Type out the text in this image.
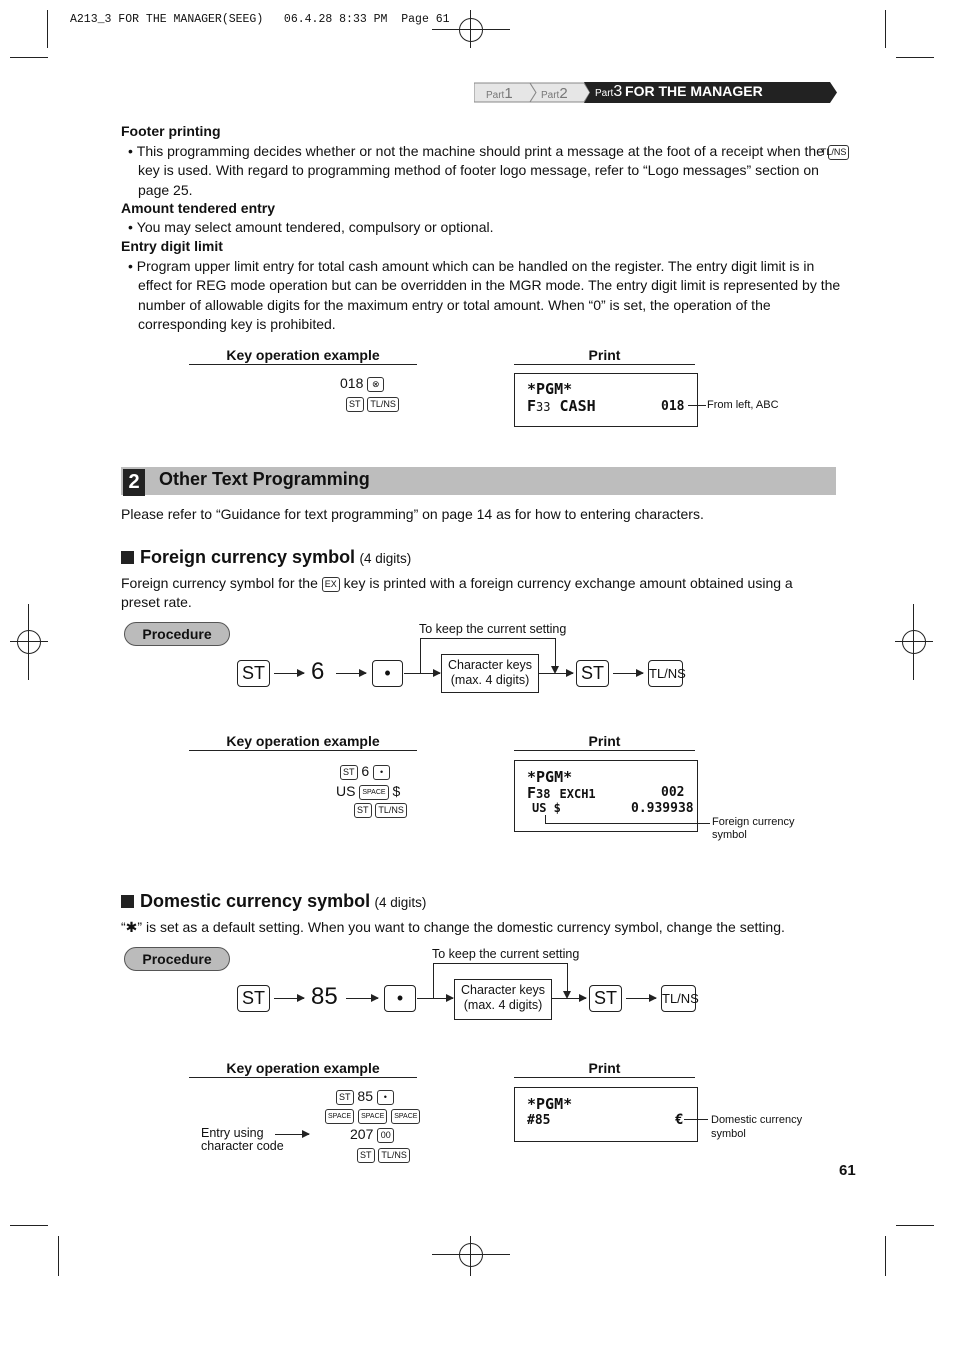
A213_3 FOR THE MANAGER(SEEG)   06.4.28 8:33 PM  Page 61
Part1	Part2	Part3 FOR THE MANAGER
Footer printing
• This programming decides whether or not the machine should print a message at the foot of a receipt when the TL/NS key is used. With regard to programming method of footer logo message, refer to “Logo messages” section on page 25.
Amount tendered entry
• You may select amount tendered, compulsory or optional.
Entry digit limit
• Program upper limit entry for total cash amount which can be handled on the register. The entry digit limit is in effect for REG mode operation but can be overridden in the MGR mode. The entry digit limit is represented by the number of allowable digits for the maximum entry or total amount. When “0” is set, the operation of the corresponding key is prohibited.
Key operation example	Print
018 ⊗
ST TL/NS
*PGM*
F33 CASH	018 From left, ABC
2	Other Text Programming
Please refer to “Guidance for text programming” on page 14 as for how to entering characters.
Foreign currency symbol (4 digits)
Foreign currency symbol for the EX key is printed with a foreign currency exchange amount obtained using a preset rate.
Procedure	To keep the current setting
ST 6	•	Character keys
(max. 4 digits)	ST	TL/NS
Key operation example	Print
ST 6 •
US SPACE $
ST TL/NS
*PGM*
F38 EXCH1	002
US $	0.939938
Foreign currency symbol
Domestic currency symbol (4 digits)
“✱” is set as a default setting. When you want to change the domestic currency symbol, change the setting.
Procedure	To keep the current setting
ST 85	•	Character keys
(max. 4 digits)	ST	TL/NS
Key operation example	Print
ST 85 •
SPACE SPACE SPACE
207 00
ST TL/NS
Entry using
character code
*PGM*
#85	€	Domestic currency symbol
61
